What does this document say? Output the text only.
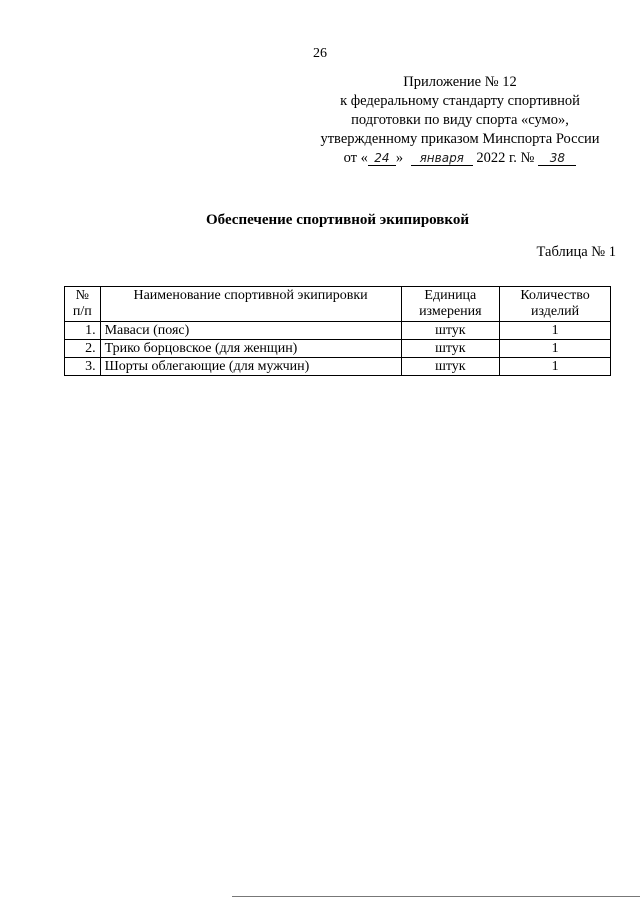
26
Приложение № 12
к федеральному стандарту спортивной
подготовки по виду спорта «сумо»,
утвержденному приказом Минспорта России
от « 24 » января 2022 г. № 38
Обеспечение спортивной экипировкой
Таблица № 1
№ п/п	Наименование спортивной экипировки	Единица измерения	Количество изделий
1.	Маваси (пояс)	штук	1
2.	Трико борцовское (для женщин)	штук	1
3.	Шорты облегающие (для мужчин)	штук	1
